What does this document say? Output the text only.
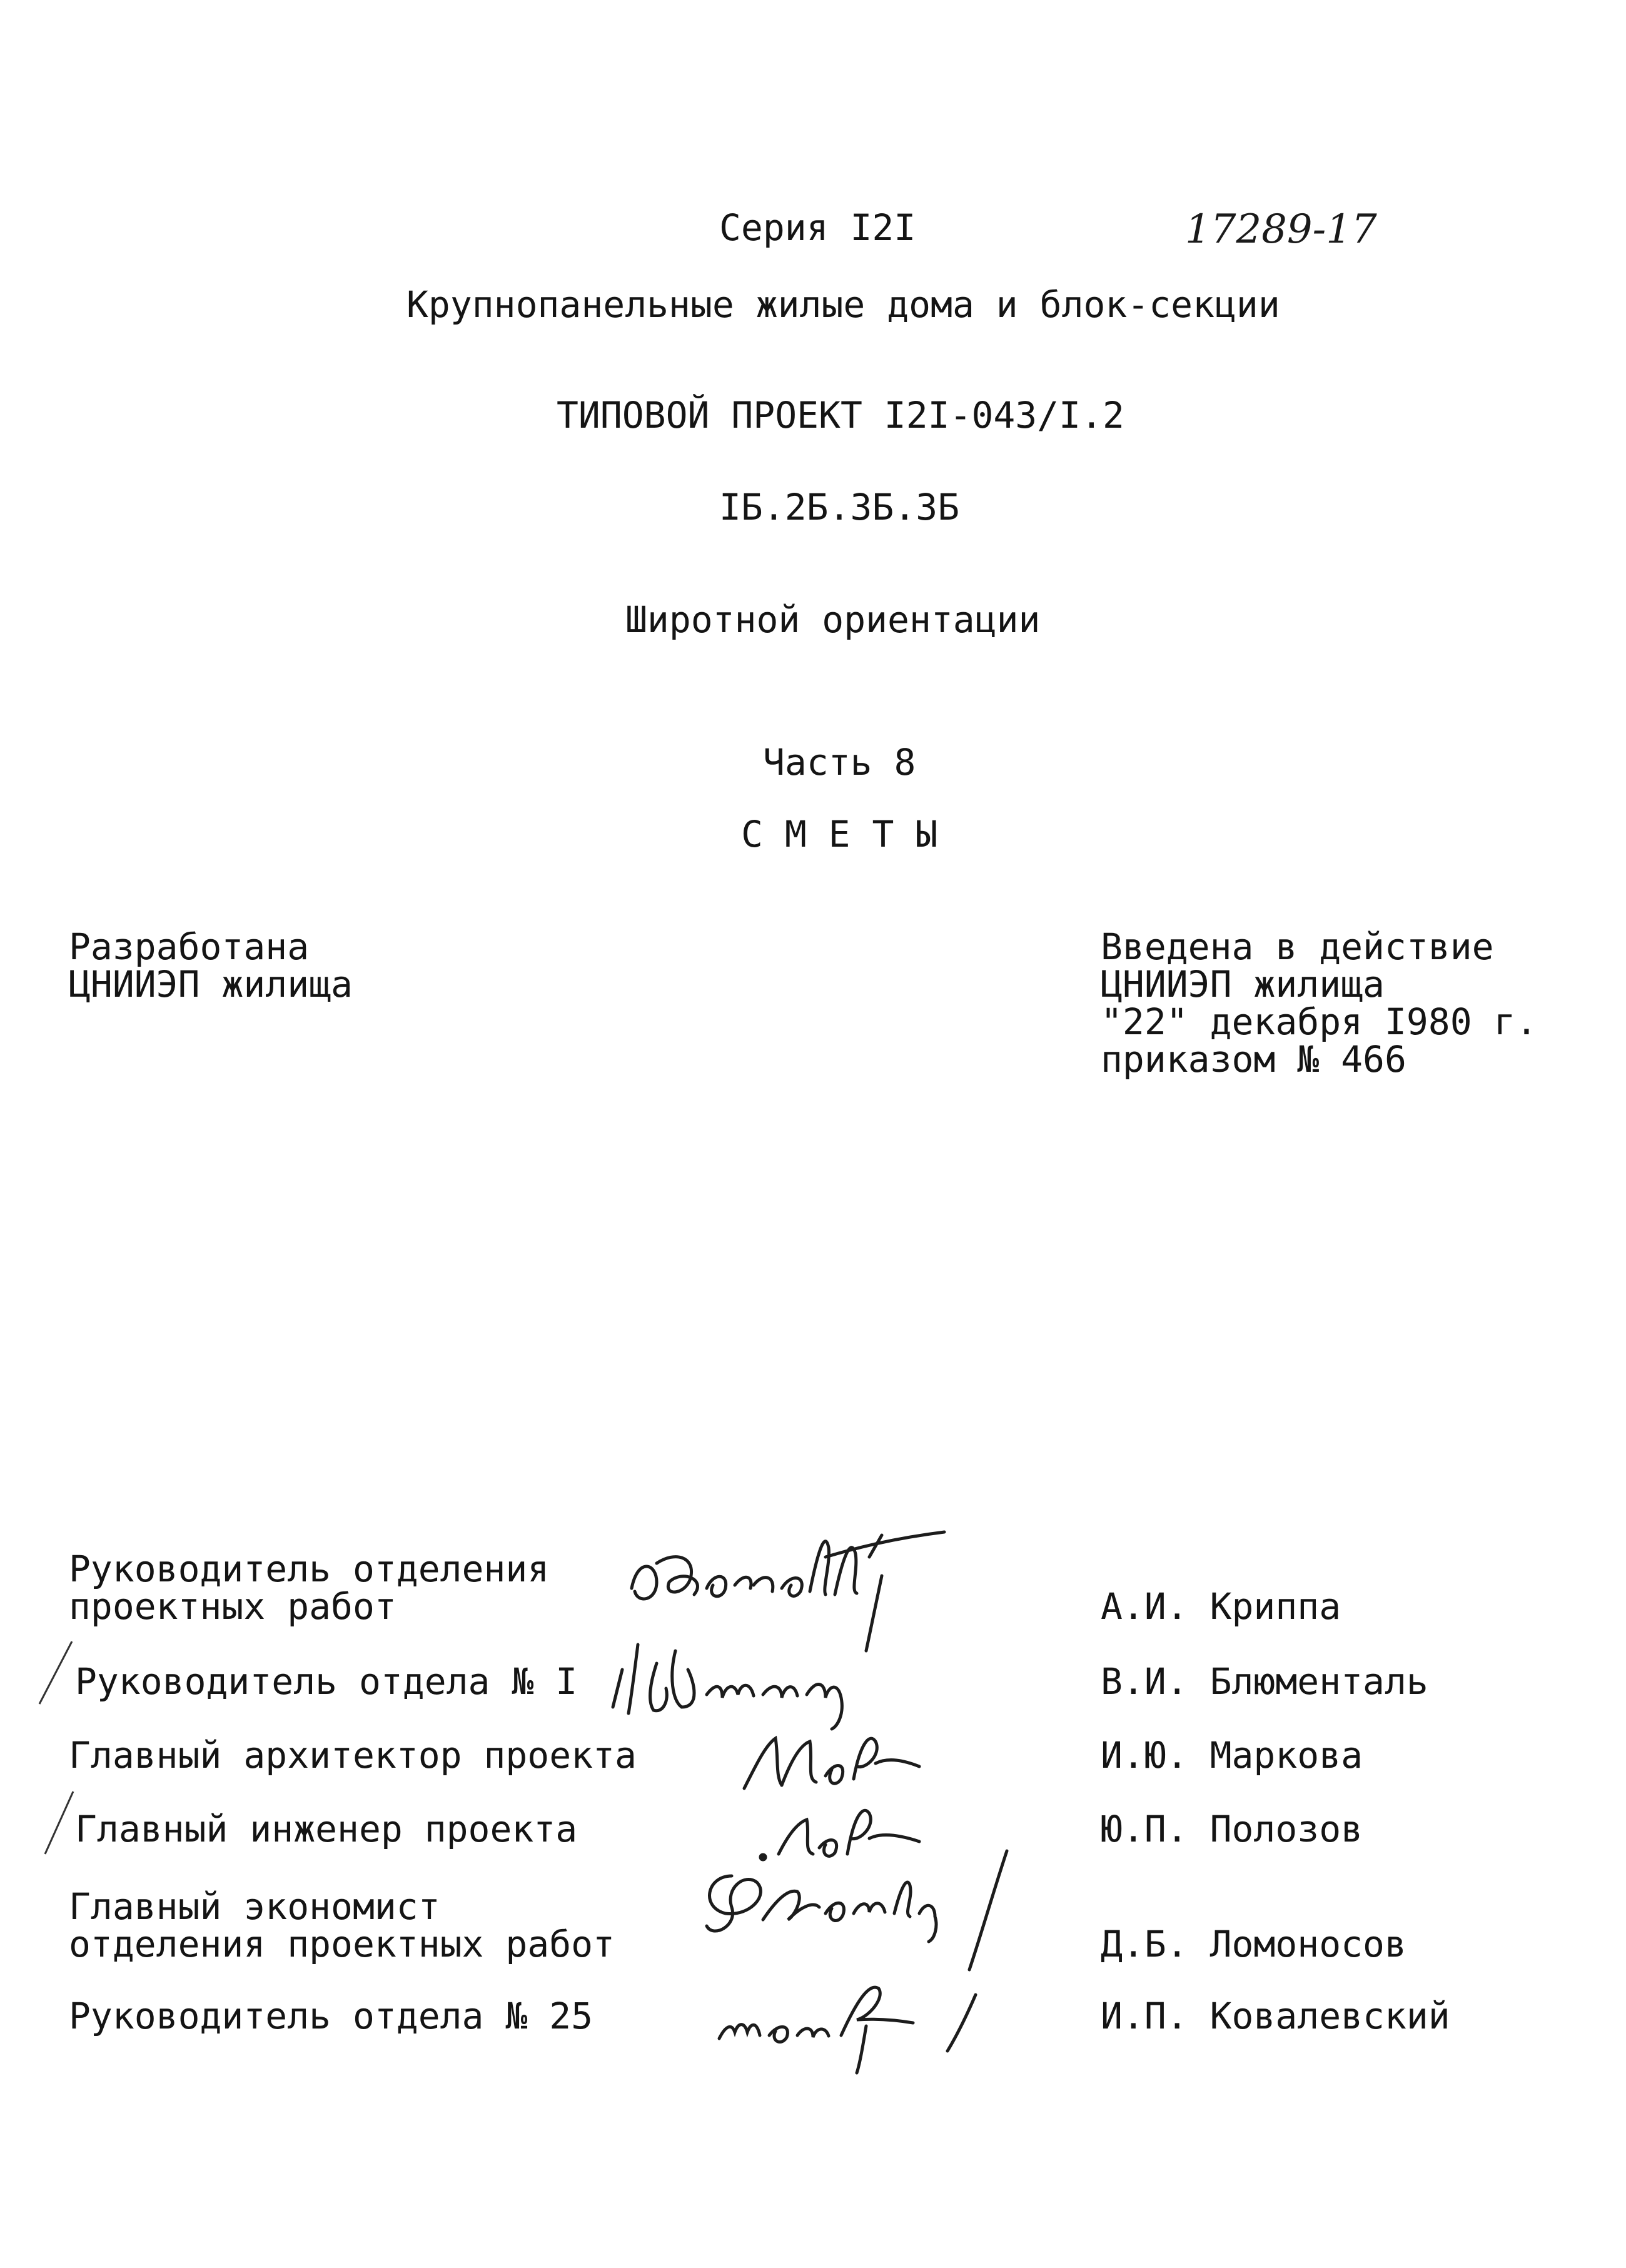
Серия I2I	17289-17
Крупнопанельные жилые дома и блок-секции
ТИПОВОЙ ПРОЕКТ I2I-043/I.2
IБ.2Б.3Б.3Б
Широтной ориентации
Часть 8
С М Е Т Ы
Разработана
ЦНИИЭП жилища
Введена в действие
ЦНИИЭП жилища
"22" декабря I980 г.
приказом № 466
Руководитель отделения
проектных работ	А.И. Криппа
Руководитель отдела № I	В.И. Блюменталь
Главный архитектор проекта	И.Ю. Маркова
Главный инженер проекта	Ю.П. Полозов
Главный экономист
отделения проектных работ	Д.Б. Ломоносов
Руководитель отдела № 25	И.П. Ковалевский
